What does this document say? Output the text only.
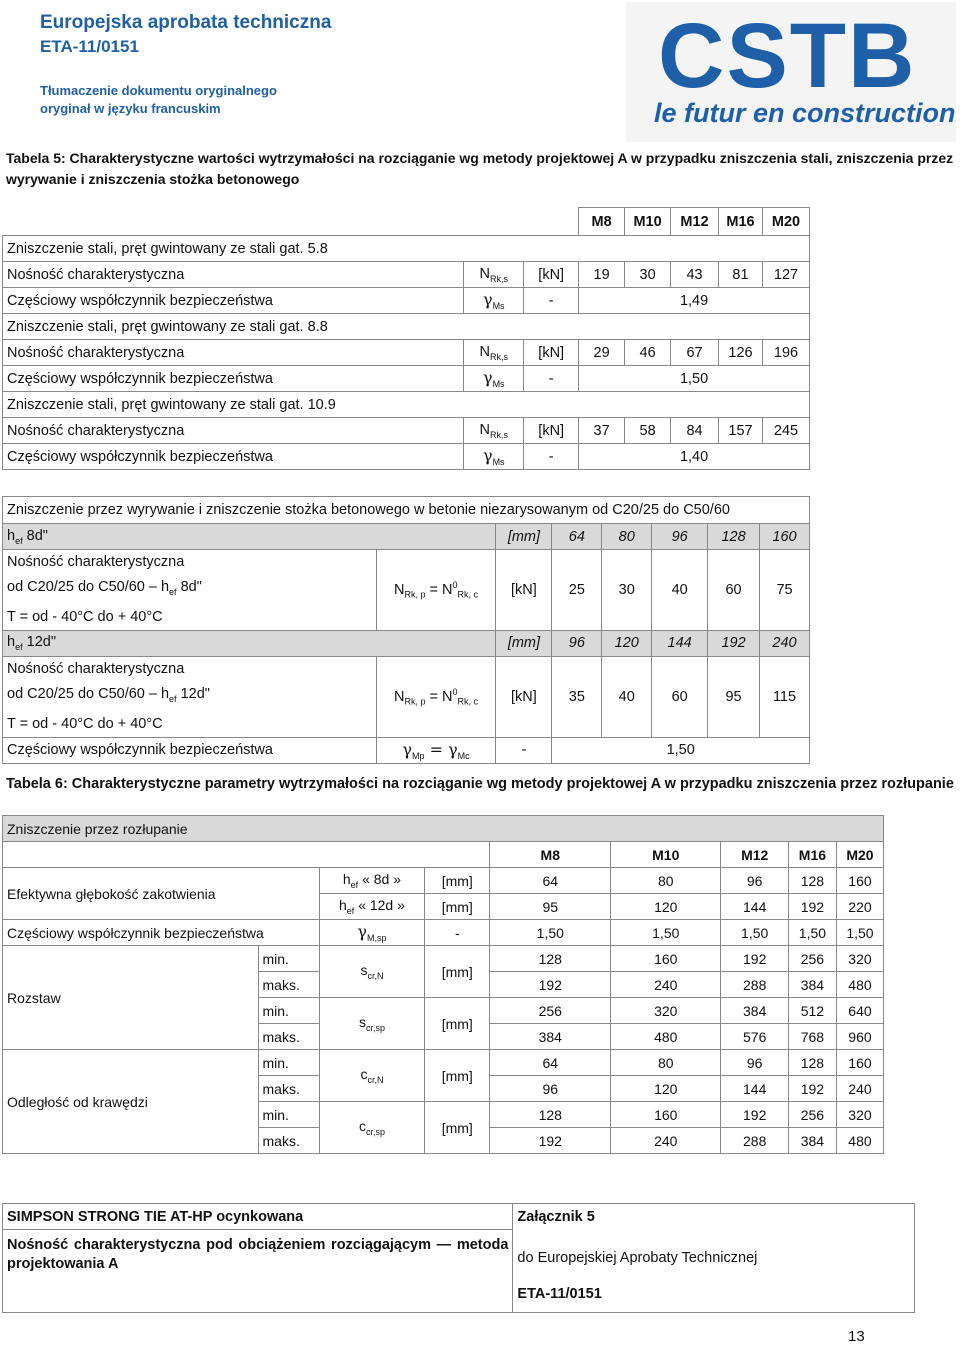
Europejska aprobata techniczna
ETA-11/0151
Tłumaczenie dokumentu oryginalnego
oryginał w języku francuskim
CSTB
le futur en construction
Tabela 5: Charakterystyczne wartości wytrzymałości na rozciąganie wg metody projektowej A w przypadku zniszczenia stali, zniszczenia przez
wyrywanie i zniszczenia stożka betonowego
			M8	M10	M12	M16	M20
Zniszczenie stali, pręt gwintowany ze stali gat. 5.8							
Nośność charakterystyczna	$N_{Rk,s}$	[kN]	19	30	43	81	127
Częściowy współczynnik bezpieczeństwa	$\gamma_{Ms}$	-	1,49				
Zniszczenie stali, pręt gwintowany ze stali gat. 8.8							
Nośność charakterystyczna	$N_{Rk,s}$	[kN]	29	46	67	126	196
Częściowy współczynnik bezpieczeństwa	$\gamma_{Ms}$	-	1,50				
Zniszczenie stali, pręt gwintowany ze stali gat. 10.9							
Nośność charakterystyczna	$N_{Rk,s}$	[kN]	37	58	84	157	245
Częściowy współczynnik bezpieczeństwa	$\gamma_{Ms}$	-	1,40				
Zniszczenie przez wyrywanie i zniszczenie stożka betonowego w betonie niezarysowanym od C20/25 do C50/60							
$h_{ef}$ 8d"		[mm]	64	80	96	128	160

Nośność charakterystyczna
od C20/25 do $C50/60 - h_{ef}$ 8d"
T = od - 40°C do + 40°C	$N_{Rk, p} = N^0_{Rk, c}$	[kN]	25	30	40	60	75
$h_{ef}$ 12d"		[mm]	96	120	144	192	240

Nośność charakterystyczna
od C20/25 do $C50/60 - h_{ef}$ 12d"
T = od - 40°C do + 40°C	$N_{Rk, p} = N^0_{Rk, c}$	[kN]	35	40	60	95	115
Częściowy współczynnik bezpieczeństwa	$\gamma_{Mp} = \gamma_{Mc}$	-	1,50				
Tabela 6: Charakterystyczne parametry wytrzymałości na rozciąganie wg metody projektowej A w przypadku zniszczenia przez rozłupanie
Zniszczenie przez rozłupanie								
				M8	M10	M12	M16	M20
Efektywna głębokość zakotwienia		$h_{ef}$ « 8d »	[mm]	64	80	96	128	160
		$h_{ef}$ « 12d »	[mm]	95	120	144	192	220
Częściowy współczynnik bezpieczeństwa		$\gamma_{M,sp}$	-	1,50	1,50	1,50	1,50	1,50
Rozstaw	min.	$s_{cr,N}$	[mm]	128	160	192	256	320
	maks.			192	240	288	384	480
	min.	$s_{cr,sp}$	[mm]	256	320	384	512	640
	maks.			384	480	576	768	960
Odległość od krawędzi	min.	$c_{cr,N}$	[mm]	64	80	96	128	160
	maks.			96	120	144	192	240
	min.	$c_{cr,sp}$	[mm]	128	160	192	256	320
	maks.			192	240	288	384	480
SIMPSON STRONG TIE AT-HP ocynkowana	Załącznik 5
Nośność charakterystyczna pod obciążeniem rozciągającym — metoda projektowania A	do Europejskiej Aprobaty Technicznej
ETA-11/0151
13
